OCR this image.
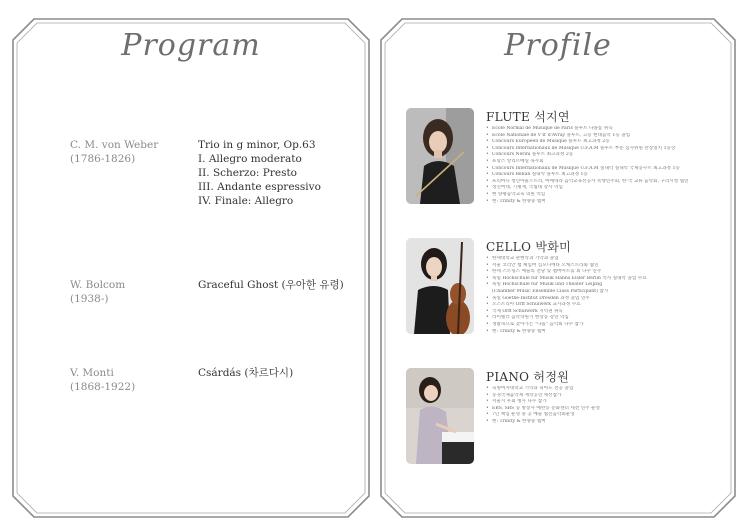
Program
C. M. von Weber
(1786-1826)
Trio in g minor, Op.63
I. Allegro moderato
II. Scherzo: Presto
III. Andante espressivo
IV. Finale: Allegro
W. Bolcom
(1938-)
Graceful Ghost (우아한 유령)
V. Monti
(1868-1922)
Csárdás (차르다시)
Profile
FLUTE 석지연
• Ecole Normal de Musique de Paris 플루트 다플롬 취득
• Ecole Nationale de V'Ir d'Avray 플루트, 고등 현대음악 1등 졸업
• Concours Européen de Musique 플루트 최고과정 2등
• Concours Internationaux de Musique U.F.A.M 플루트 부문 심사위원 만장일치 1등상
• Concours Nerini 플루트 최고과정 2등
• 프랑스 앙리르메일 독주회
• Concours Internationaux de Musique U.F.A.M 실내악 실내악 국제콩쿠르 최고과정 1등
• Concours Bellan 실내악 플루트 최고과정 1등
• 프리마디 청년아울스트라, 마에테라 음악교육선공사 복행연주회, 한·국 교류 음악회, 구리시청 협연
• 성신여대, 기평재, 국립대 강사 역임
• 현 양평음악교육 의원 역임
• 현: Trinity & 한양중 멤버
CELLO 박화미
• 한세대학교 관현악과 기악과 졸업
• 서울 코리안 챔 체임버 심포니에타 오케스트라와 협연
• 한세 스트링스 예술의 전당 및 챔버아트홀 외 다수 연주
• 독일 Hochschule für Musik Hanns Eisler Berlin 석사 실내악 졸업 수료
• 독일 Hochschule für Musik und Theater Leipzig
(Chamber Music Ensemble Class Participant) 참가
• 독일 Goethe-Institut Dresden 과정 졸업 연주
• 오스트리아 Orff Schulwerk 교사과정 수료
• 국제 Orff Schulwerk 지역권 취득
• 라이텔러 음악학원기 현장동 강연 역임
• 생활속으로 찾아가는 "나눔" 음악회 다수 참가
• 현: Trinity & 한양중 멤버
PIANO 허정원
• 숙명여자대학교 기악과 피아노 전공 졸업
• 동경국제음악제 재학공연 세선참가
• 서울시 우회 병사 다수 참가
• EBS, SBS 등 방송사 애완동 문화센터 세션 연주 운영
• 7년 책임 운영 중 공 예술 협진음악회운영
• 현: Trinity & 한양중 멤버
